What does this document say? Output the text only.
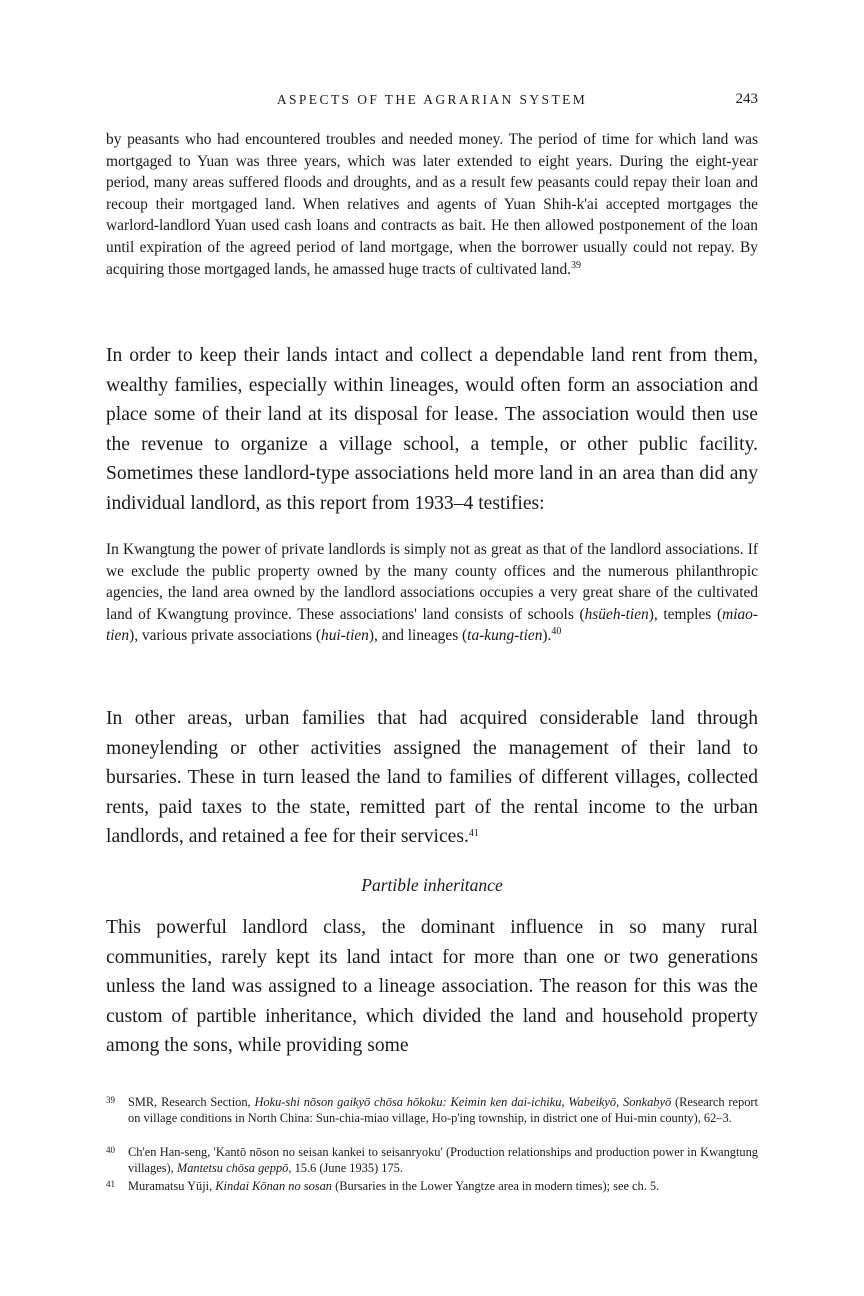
ASPECTS OF THE AGRARIAN SYSTEM	243

by peasants who had encountered troubles and needed money. The period of time for which land was mortgaged to Yuan was three years, which was later extended to eight years. During the eight-year period, many areas suffered floods and droughts, and as a result few peasants could repay their loan and recoup their mortgaged land. When relatives and agents of Yuan Shih-k'ai accepted mortgages the warlord-landlord Yuan used cash loans and contracts as bait. He then allowed postponement of the loan until expiration of the agreed period of land mortgage, when the borrower usually could not repay. By acquiring those mortgaged lands, he amassed huge tracts of cultivated land.$^{39}$

In order to keep their lands intact and collect a dependable land rent from them, wealthy families, especially within lineages, would often form an association and place some of their land at its disposal for lease. The association would then use the revenue to organize a village school, a temple, or other public facility. Sometimes these landlord-type associations held more land in an area than did any individual landlord, as this report from 1933–4 testifies:

In Kwangtung the power of private landlords is simply not as great as that of the landlord associations. If we exclude the public property owned by the many county offices and the numerous philanthropic agencies, the land area owned by the landlord associations occupies a very great share of the cultivated land of Kwangtung province. These associations' land consists of schools (hsüeh-tien), temples (miao-tien), various private associations (hui-tien), and lineages (ta-kung-tien).$^{40}$

In other areas, urban families that had acquired considerable land through moneylending or other activities assigned the management of their land to bursaries. These in turn leased the land to families of different villages, collected rents, paid taxes to the state, remitted part of the rental income to the urban landlords, and retained a fee for their services.$^{41}$

Partible inheritance

This powerful landlord class, the dominant influence in so many rural communities, rarely kept its land intact for more than one or two generations unless the land was assigned to a lineage association. The reason for this was the custom of partible inheritance, which divided the land and household property among the sons, while providing some

39 SMR, Research Section, Hoku-shi nōson gaikyō chōsa hōkoku: Keimin ken dai-ichiku, Wabeikyō, Sonkabyō (Research report on village conditions in North China: Sun-chia-miao village, Ho-p'ing township, in district one of Hui-min county), 62–3.

40 Ch'en Han-seng, 'Kantō nōson no seisan kankei to seisanryoku' (Production relationships and production power in Kwangtung villages), Mantetsu chōsa geppō, 15.6 (June 1935) 175.

41 Muramatsu Yūji, Kindai Kōnan no sosan (Bursaries in the Lower Yangtze area in modern times); see ch. 5.
